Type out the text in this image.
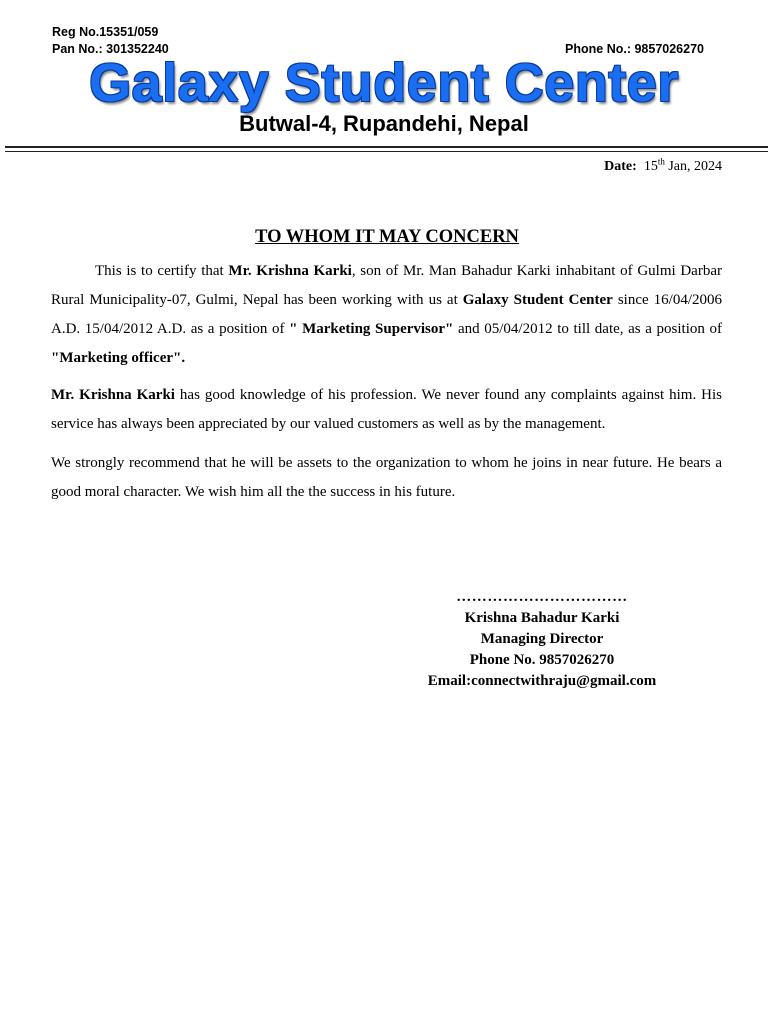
Reg No.15351/059
Pan No.: 301352240	Phone No.: 9857026270
Galaxy Student Center
Butwal-4, Rupandehi, Nepal
Date: 15th Jan, 2024
TO WHOM IT MAY CONCERN

This is to certify that Mr. Krishna Karki, son of Mr. Man Bahadur Karki inhabitant of Gulmi Darbar Rural Municipality-07, Gulmi, Nepal has been working with us at Galaxy Student Center since 16/04/2006 A.D. 15/04/2012 A.D. as a position of " Marketing Supervisor" and 05/04/2012 to till date, as a position of "Marketing officer".

Mr. Krishna Karki has good knowledge of his profession. We never found any complaints against him. His service has always been appreciated by our valued customers as well as by the management.

We strongly recommend that he will be assets to the organization to whom he joins in near future. He bears a good moral character. We wish him all the the success in his future.

……………………………
Krishna Bahadur Karki
Managing Director
Phone No. 9857026270
Email:connectwithraju@gmail.com
